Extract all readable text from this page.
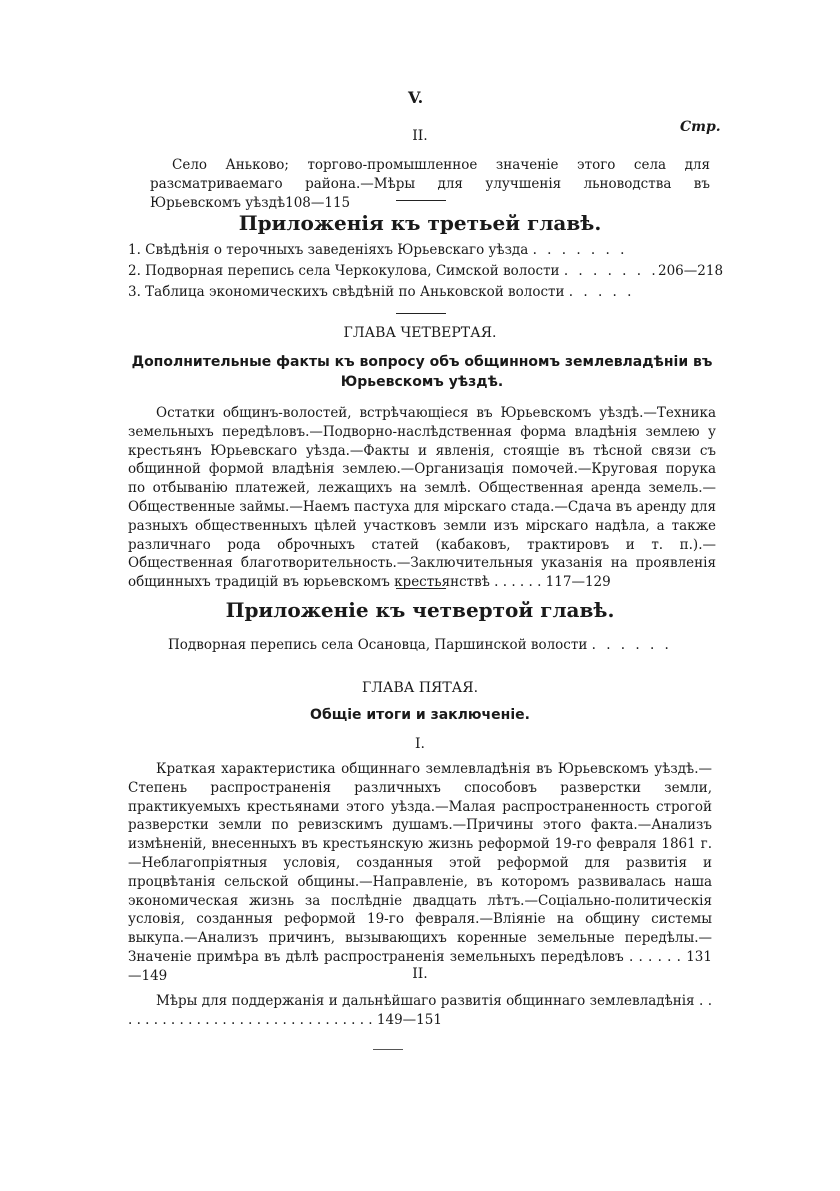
V.
Стр.
II.

Село Аньково; торгово-промышленное значеніе этого села для разсматриваемаго района.—Мѣры для улучшенія льноводства въ Юрьевскомъ уѣздѣ108—115

Приложенія къ третьей главѣ.
1. Свѣдѣнія о терочныхъ заведеніяхъ Юрьевскаго уѣзда . . . . . . .
2. Подворная перепись села Черкокулова, Симской волости . . . . . . . 206—218
3. Таблица экономическихъ свѣдѣній по Аньковской волости . . . . .
ГЛАВА ЧЕТВЕРТАЯ.
Дополнительные факты къ вопросу объ общинномъ землевладѣніи въ Юрьевскомъ уѣздѣ.

Остатки общинъ-волостей, встрѣчающіеся въ Юрьевскомъ уѣздѣ.—Техника земельныхъ передѣловъ.—Подворно-наслѣдственная форма владѣнія землею у крестьянъ Юрьевскаго уѣзда.—Факты и явленія, стоящіе въ тѣсной связи съ общинной формой владѣнія землею.—Организація помочей.—Круговая порука по отбыванію платежей, лежащихъ на землѣ. Общественная аренда земель.—Общественные займы.—Наемъ пастуха для мірскаго стада.—Сдача въ аренду для разныхъ общественныхъ цѣлей участковъ земли изъ мірскаго надѣла, а также различнаго рода оброчныхъ статей (кабаковъ, трактировъ и т. п.).—Общественная благотворительность.—Заключительныя указанія на проявленія общинныхъ традицій въ юрьевскомъ крестьянствѣ . . . . . . 117—129

Приложеніе къ четвертой главѣ.
Подворная перепись села Осановца, Паршинской волости . . . . . .
ГЛАВА ПЯТАЯ.
Общіе итоги и заключеніе.
I.

Краткая характеристика общиннаго землевладѣнія въ Юрьевскомъ уѣздѣ.—Степень распространенія различныхъ способовъ разверстки земли, практикуемыхъ крестьянами этого уѣзда.—Малая распространенность строгой разверстки земли по ревизскимъ душамъ.—Причины этого факта.—Анализъ измѣненій, внесенныхъ въ крестьянскую жизнь реформой 19-го февраля 1861 г.—Неблагопріятныя условія, созданныя этой реформой для развитія и процвѣтанія сельской общины.—Направленіе, въ которомъ развивалась наша экономическая жизнь за послѣдніе двадцать лѣтъ.—Соціально-политическія условія, созданныя реформой 19-го февраля.—Вліяніе на общину системы выкупа.—Анализъ причинъ, вызывающихъ коренные земельные передѣлы.—Значеніе примѣра въ дѣлѣ распространенія земельныхъ передѣловъ . . . . . . 131—149	II.

Мѣры для поддержанія и дальнѣйшаго развитія общиннаго землевладѣнія . . . . . . . . . . . . . . . . . . . . . . . . . . . . . . . 149—151
